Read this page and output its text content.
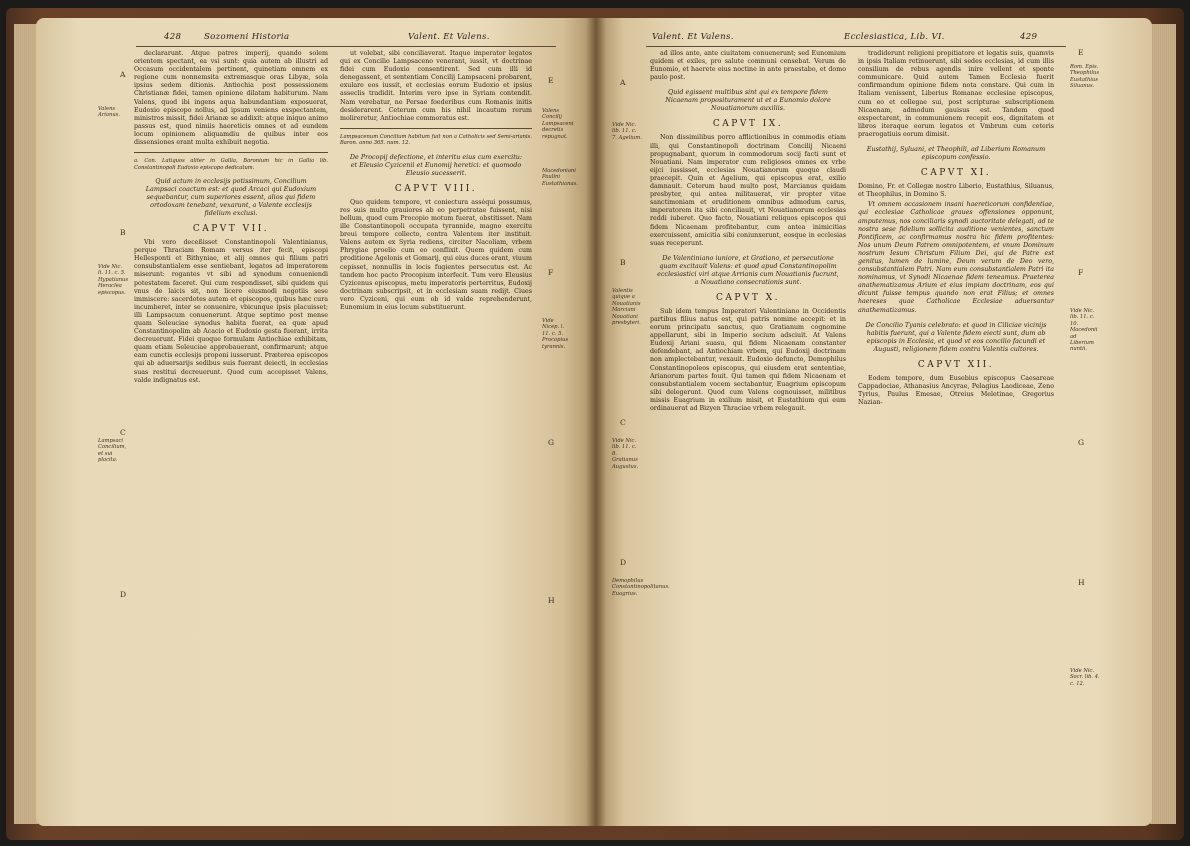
428	Sozomeni Historia	Valent. Et Valens.
Valens Arianus.
Vide Nic. li. 11. c. 5. Hypatianus Heraclea episcopus.
Lampsaci Concilium, et sui placita.
A
B
C
D

declararunt. Atque patres imperij, quando solem orientem spectant, ea vsi sunt: quia autem ab illustri ad Occasum occidentalem pertinent, quinetiam omnem ex regione cum nonnemsita extremasque oras Libyæ, sola ipsius sedem ditionis. Antiochia post possessionem Christianæ fidei, tamen opinione dilatam habiturum. Nam Valens, quod ibi ingens aqua habundantiam exposuerat, Eudoxio episcopo nollus, ad ipsum veniens exspectantem, ministros missit, fidei Arianæ se addixit: atque iniquo animo passus est, quod nimiis haereticis omnes et ad eundem locum opinionem aliquamdiu de quibus inter eos dissensiones erant multa exhibuit negotia.

a. Con. Latiquos aliter in Gallia, Baronium hic in Gallia lib. Constantinopoli Eudoxio episcopo dedicatum.

Quid actum in ecclesijs potissimum, Concilium Lampsaci coactum est: et quod Arcaci qui Eudoxium sequebantur, cum superiores essent, alios qui fidem ortodoxam tenebant, vexarunt, a Valente ecclesijs fidelium exclusi.

CAPVT VII.

Vbi vero deceßisset Constantinopoli Valentinianus, perque Thraciam Romam versus iter fecit, episcopi Hellesponti et Bithyniae, et alij omnes qui filium patri consubstantialem esse sentiebant, legatos ad imperatorem miserunt: rogantes vt sibi ad synodum conueniendi potestatem faceret. Qui cum respondisset, sibi quidem qui vnus de laicis sit, non licere eiusmodi negotiis sese immiscere: sacerdotes autem et episcopos, quibus hæc cura incumberet, inter se conuenire, vbicunque ipsis placuisset; illi Lampsacum conuenerunt. Atque septimo post mense quam Seleuciae synodus habita fuerat, ea quæ apud Constantinopolim ab Acacio et Eudoxio gesta fuerant, irrita decreuerunt. Fidei quoque formulam Antiochiae exhibitam, quam etiam Seleuciae approbauerant, confirmarunt; atque eam cunctis ecclesijs proponi iusserunt. Præterea episcopos qui ab aduersarijs sedibus suis fuerant deiecti, in ecclesias suas restitui decreuerunt. Quod cum accepisset Valens, valde indignatus est.

ut volebat, sibi conciliaverat. Itaque imperator legatos qui ex Concilio Lampsaceno venerant, iussit, vt doctrinae fidei cum Eudoxio consentirent. Sed cum illi id denegassent, et sententiam Concilij Lampsaceni probarent, exulare eos iussit, et ecclesias eorum Eudoxio et ipsius asseclis tradidit. Interim vero ipse in Syriam contendit. Nam verebatur, ne Persae foederibus cum Romanis initis desiderarent. Ceterum cum his nihil incautum rerum molireretur, Antiochiae commoratus est.

Lampsacenum Concilium habitum fuit non a Catholicis sed Semi-arianis. Baron. anno 365. num. 12.

De Procopij defectione, et interitu eius cum exercitu: et Eleusio Cyzicenii et Eunomij heretici: et quomodo Eleusio sucesserit.

CAPVT VIII.

Quo quidem tempore, vt coniectura asséqui possumus, res suis multo grauiores ab eo perpetratae fuissent, nisi bellum, quod cum Procopio motum fuerat, obstitisset. Nam ille Constantinopoli occupata tyrannide, magno exercitu breui tempore collecto, contra Valentem iter instituit. Valens autem ex Syria rediens, circiter Nacoliam, vrbem Phrygiae proelio cum eo conflixit. Quem quidem cum proditione Agelonis et Gomarij, qui eius duces erant, viuum cepisset, nonnullis in locis fugientes persecutus est. Ac tandem hoc pacto Procopium interfecit. Tum vero Eleusius Cyzicenus episcopus, metu imperatoris perterritus, Eudoxij doctrinam subscripsit, et in ecclesiam suam redijt. Ciues vero Cyziceni, qui eum ob id valde reprehenderunt, Eunomium in eius locum substituerunt.

Valens Concilij Lampsaceni decretis repugnat.
Macedoniani Paulini Eustathianas.
Vide Nicep. l. 11. c. 5. Procopius tyrannis.
E
F
G
H
Valent. Et Valens.	Ecclesiastica, Lib. VI.	429
Vide Nic. lib. 11. c. 7. Agelium.
Valentis quique a Nouatianis Marciani Nouatiani presbyteri.
Vide Nic. lib. 11. c. 8. Gratianus Augustus.
Demophilus Constantinopolitanus. Euagrius.
A
B
C
D

ad illos ante, ante ciuitatem conuenerunt; sed Eunomium quidem et exiles, pro salute communi censebat. Verum de Eunomio, et haerete eius noctine in ante praestabo, et domo paulo post.

Quid egissent multibus sint qui ex tempore fidem Nicaenam propositurament ut et a Eunomio dolore Nouatianorum auxiliis.

CAPVT IX.

Non dissimilibus porro afflictionibus in commodis etiam illi, qui Constantinopoli doctrinam Concilij Nicaeni propugnabant, quorum in commodorum socij facti sunt et Nouatiani. Nam imperator cum religiosos omnes ex vrbe eijci iussisset, ecclesias Nouatianorum quoque claudi praecepit. Quin et Agelium, qui episcopus erat, exilio damnauit. Ceterum haud multo post, Marcianus quidam presbyter, qui antea militauerat, vir propter vitae sanctimoniam et eruditionem omnibus admodum carus, imperatorem ita sibi conciliauit, vt Nouatianorum ecclesias reddi iuberet. Quo facto, Nouatiani reliquos episcopos qui fidem Nicaenam profitebantur, cum antea inimicitias exercuissent, amicitia sibi coniunxerunt, eosque in ecclesias suas receperunt.

De Valentiniano iuniore, et Gratiano, et persecutione quam excitauit Valens: et quod apud Constantinopolim ecclesiastici viri atque Arrianis cum Nouatianis fucrunt, a Nouatiano consecrationis sunt.

CAPVT X.

Sub idem tempus Imperatori Valentiniano in Occidentis partibus filius natus est, qui patris nomine accepit: et in eorum principatu sanctus, quo Gratianum cognomine appellarunt, sibi in Imperio socium adsciuit. At Valens Eudoxij Ariani suasu, qui fidem Nicaenam constanter defendebant, ad Antiochiam vrbem, qui Eudoxij doctrinam non amplectebantur, vexauit. Eudoxio defuncto, Demophilus Constantinopoleos episcopus, qui eiusdem erat sententiae, Arianorum partes fouit. Qui tamen qui fidem Nicaenam et consubstantialem vocem sectabantur, Euagrium episcopum sibi delegerunt. Quod cum Valens cognouisset, militibus missis Euagrium in exilium misit, et Eustathium qui eum ordinauerat ad Bizyen Thraciae vrbem relegauit.

tradiderunt religioni propitiatore et legatis suis, quamvis in ipsis Italiam retinuerunt, sibi sedes ecclesias, id cum illis consilium de rebus agendis inire vellent et sponte communicare. Quid autem Tamen Ecclesia fuerit confirmandum opinione fidem nota constare. Qui cum in Italiam venissent, Liberius Romanae ecclesiae episcopus, cum eo et collegae sui, post scripturae subscriptionem Nicaenam, admodum gauisus est. Tandem quod exspectarent, in communionem recepit eos, dignitatem et libros iteraque eorum legatos et Vmbrum cum ceteris praerogatiuis eorum dimisit.

Eustathij, Syluani, et Theophili, ad Liberium Romanum episcopum confessio.

CAPVT XI.

Domino, Fr. et Collegæ nostro Liberio, Eustathius, Siluanus, et Theophilus, in Domino S.

Vt omnem occasionem insani haereticorum confidentiae, qui ecclesiae Catholicae graues offensiones opponunt, amputemus, nos conciliaris synodi auctoritate delegati, ad te nostra sese fidelium sollicita auditione venientes, sanctum Pontificem, ac confirmamus nostra hic fidem profitentes: Nos unum Deum Patrem omnipotentem, et vnum Dominum nostrum Iesum Christum Filium Dei, qui de Patre est genitus, lumen de lumine, Deum verum de Deo vero, consubstantialem Patri. Nam eum consubstantialem Patri ita nominamus, vt Synodi Nicaenae fidem teneamus. Praeterea anathematizamus Arium et eius impiam doctrinam, eos qui dicunt fuisse tempus quando non erat Filius; et omnes haereses quae Catholicae Ecclesiae aduersantur anathematizamus.

De Concilio Tyanis celebrato: et quod in Ciliciae vicinijs habitis fuerunt, qui a Valente fidem eiecti sunt, dum ab episcopis in Ecclesia, et quod vt eos concilio facundi et Augusti, religionem fidem contra Valentis cultores.

CAPVT XII.

Eodem tempore, dum Eusebius episcopus Caesareae Cappadociae, Athanasius Ancyrae, Pelagius Laodiceae, Zeno Tyrius, Paulus Emesae, Otreius Meletinae, Gregorius Nazian-

Rom. Epis. Theophilus Eustathius Siluanus.
Vide Nic. lib. 11. c. 10. Macedonii ad Liberium nuntii.
Vide Nic. Socr. lib. 4. c. 12.
E
F
G
H
